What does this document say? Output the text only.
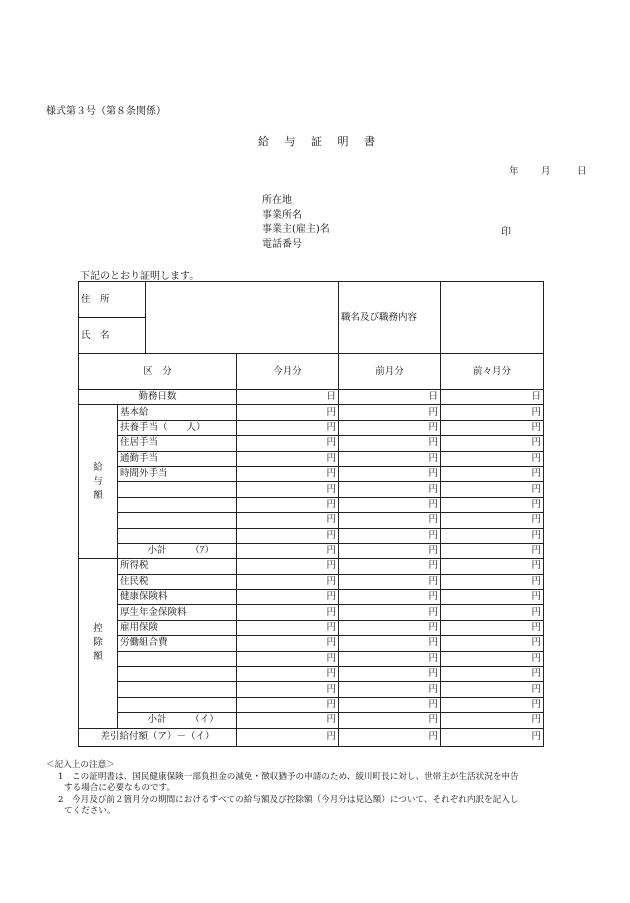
様式第３号（第８条関係）
給 与 証 明 書
年 月	日
所在地
事業所名
事業主(雇主)名
電話番号
印
下記のとおり証明します。
住　所				職名及び職務内容	
氏　名					
区　分			今月分	前月分	前々月分
勤務日数			日	日	日

給
与
額	基本給		円	円	円
	扶養手当（　　人）		円	円	円
	住居手当		円	円	円
	通勤手当		円	円	円
	時間外手当		円	円	円
			円	円	円
			円	円	円
			円	円	円
			円	円	円
		小計　　　（ｱ）	円	円	円

控
除
額	所得税		円	円	円
	住民税		円	円	円
	健康保険料		円	円	円
	厚生年金保険料		円	円	円
	雇用保険		円	円	円
	労働組合費		円	円	円
			円	円	円
			円	円	円
			円	円	円
			円	円	円
		小計　　　（イ）	円	円	円
差引給付額（ア）－（イ）			円	円	円
＜記入上の注意＞
1　この証明書は、国民健康保険一部負担金の減免・徴収猶予の申請のため、綾川町長に対し、世帯主が生活状況を申告
する場合に必要なものです。
2　今月及び前２箇月分の期間におけるすべての給与額及び控除額（今月分は見込額）について、それぞれ内訳を記入し
てください。
